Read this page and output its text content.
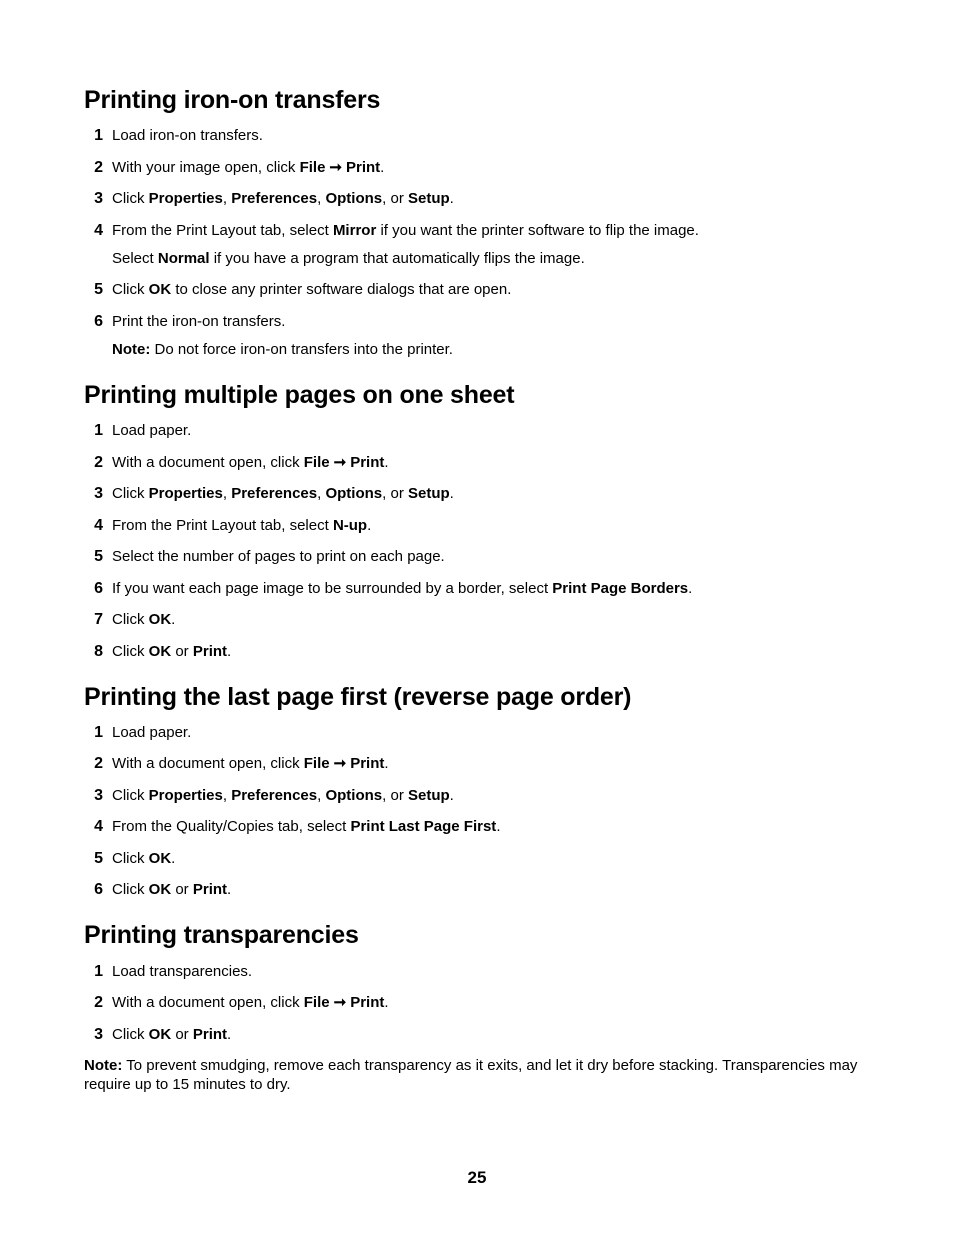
Printing iron-on transfers
1 Load iron-on transfers.
2 With your image open, click File ➞ Print.
3 Click Properties, Preferences, Options, or Setup.
4 From the Print Layout tab, select Mirror if you want the printer software to flip the image.
Select Normal if you have a program that automatically flips the image.
5 Click OK to close any printer software dialogs that are open.
6 Print the iron-on transfers.
Note: Do not force iron-on transfers into the printer.
Printing multiple pages on one sheet
1 Load paper.
2 With a document open, click File ➞ Print.
3 Click Properties, Preferences, Options, or Setup.
4 From the Print Layout tab, select N-up.
5 Select the number of pages to print on each page.
6 If you want each page image to be surrounded by a border, select Print Page Borders.
7 Click OK.
8 Click OK or Print.
Printing the last page first (reverse page order)
1 Load paper.
2 With a document open, click File ➞ Print.
3 Click Properties, Preferences, Options, or Setup.
4 From the Quality/Copies tab, select Print Last Page First.
5 Click OK.
6 Click OK or Print.
Printing transparencies
1 Load transparencies.
2 With a document open, click File ➞ Print.
3 Click OK or Print.
Note: To prevent smudging, remove each transparency as it exits, and let it dry before stacking. Transparencies may require up to 15 minutes to dry.
25
